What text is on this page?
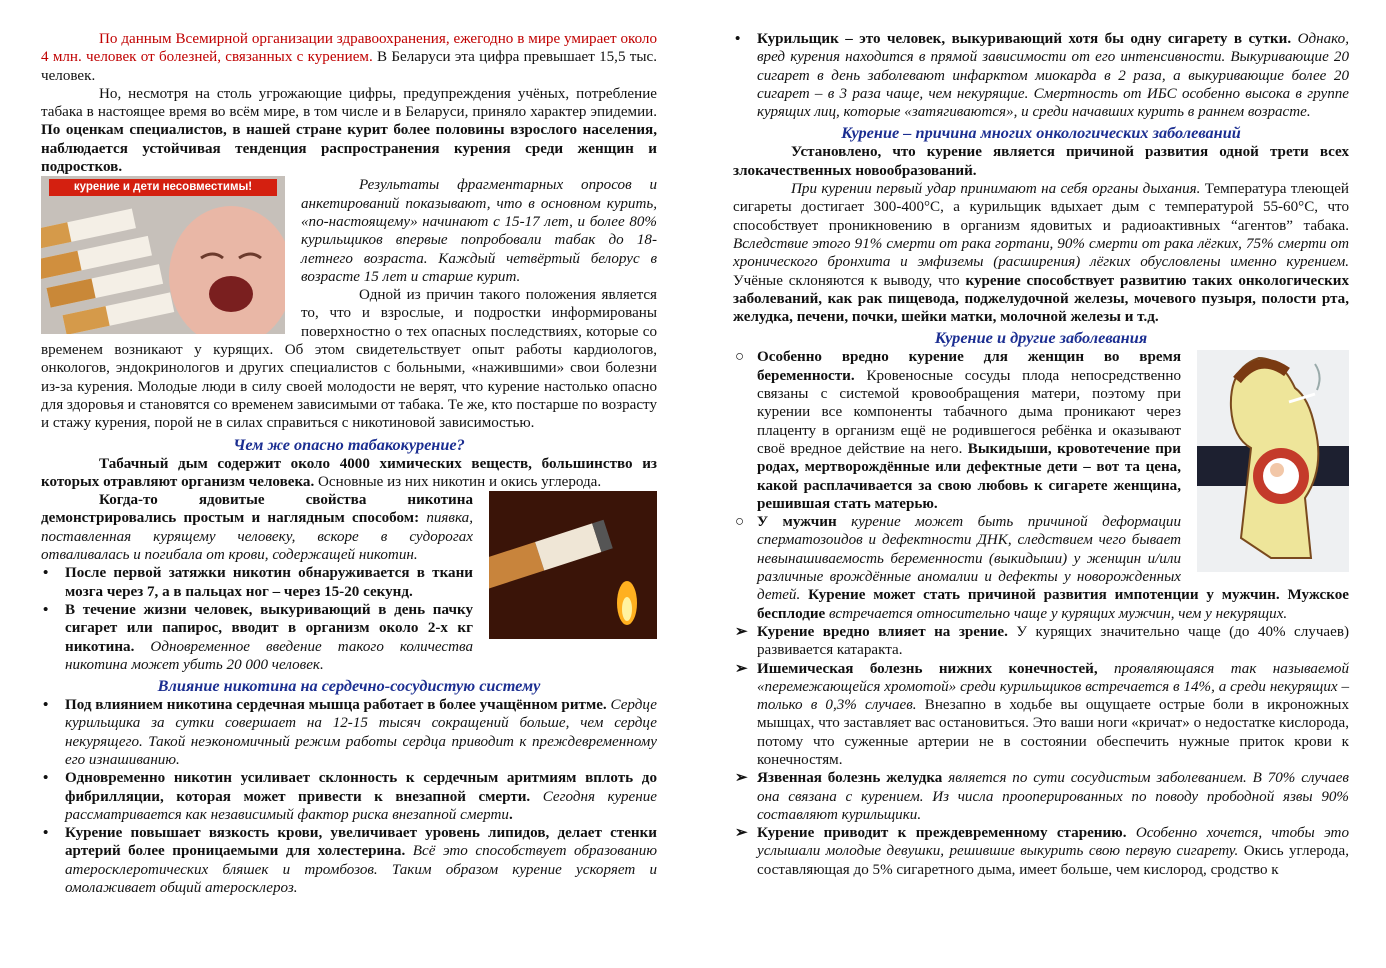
По данным Всемирной организации здравоохранения, ежегодно в мире умирает около 4 млн. человек от болезней, связанных с курением. В Беларуси эта цифра превышает 15,5 тыс. человек.

Но, несмотря на столь угрожающие цифры, предупреждения учёных, потребление табака в настоящее время во всём мире, в том числе и в Беларуси, приняло характер эпидемии. По оценкам специалистов, в нашей стране курит более половины взрослого населения, наблюдается устойчивая тенденция распространения курения среди женщин и подростков.

курение и дети несовместимы!	Результаты фрагментарных опросов и анкетирований показывают, что в основном курить, «по-настоящему» начинают с 15-17 лет, и более 80% курильщиков впервые попробовали табак до 18-летнего возраста. Каждый четвёртый белорус в возрасте 15 лет и старше курит.

Одной из причин такого положения является то, что и взрослые, и подростки информированы поверхностно о тех опасных последствиях, которые со временем возникают у курящих. Об этом свидетельствует опыт работы кардиологов, онкологов, эндокринологов и других специалистов с больными, «нажившими» свои болезни из-за курения. Молодые люди в силу своей молодости не верят, что курение настолько опасно для здоровья и становятся со временем зависимыми от табака. Те же, кто постарше по возрасту и стажу курения, порой не в силах справиться с никотиновой зависимостью.

Чем же опасно табакокурение?

Табачный дым содержит около 4000 химических веществ, большинство из которых отравляют организм человека. Основные из них никотин и окись углерода.

Когда-то ядовитые свойства никотина демонстрировались простым и наглядным способом: пиявка, поставленная курящему человеку, вскоре в судорогах отваливалась и погибала от крови, содержащей никотин.

• После первой затяжки никотин обнаруживается в ткани мозга через 7, а в пальцах ног – через 15-20 секунд.

• В течение жизни человек, выкуривающий в день пачку сигарет или папирос, вводит в организм около 2-х кг никотина. Одновременное введение такого количества никотина может убить 20 000 человек.

Влияние никотина на сердечно-сосудистую систему

• Под влиянием никотина сердечная мышца работает в более учащённом ритме. Сердце курильщика за сутки совершает на 12-15 тысяч сокращений больше, чем сердце некурящего. Такой неэкономичный режим работы сердца приводит к преждевременному его изнашиванию.

• Одновременно никотин усиливает склонность к сердечным аритмиям вплоть до фибрилляции, которая может привести к внезапной смерти. Сегодня курение рассматривается как независимый фактор риска внезапной смерти.

• Курение повышает вязкость крови, увеличивает уровень липидов, делает стенки артерий более проницаемыми для холестерина. Всё это способствует образованию атеросклеротических бляшек и тромбозов. Таким образом курение ускоряет и омолаживает общий атеросклероз.

• Курильщик – это человек, выкуривающий хотя бы одну сигарету в сутки. Однако, вред курения находится в прямой зависимости от его интенсивности. Выкуривающие 20 сигарет в день заболевают инфарктом миокарда в 2 раза, а выкуривающие более 20 сигарет – в 3 раза чаще, чем некурящие. Смертность от ИБС особенно высока в группе курящих лиц, которые «затягиваются», и среди начавших курить в раннем возрасте.

Курение – причина многих онкологических заболеваний

Установлено, что курение является причиной развития одной трети всех злокачественных новообразований.

При курении первый удар принимают на себя органы дыхания. Температура тлеющей сигареты достигает 300-400°С, а курильщик вдыхает дым с температурой 55-60°С, что способствует проникновению в организм ядовитых и радиоактивных “агентов” табака. Вследствие этого 91% смерти от рака гортани, 90% смерти от рака лёгких, 75% смерти от хронического бронхита и эмфиземы (расширения) лёгких обусловлены именно курением. Учёные склоняются к выводу, что курение способствует развитию таких онкологических заболеваний, как рак пищевода, поджелудочной железы, мочевого пузыря, полости рта, желудка, печени, почки, шейки матки, молочной железы и т.д.

Курение и другие заболевания

○ Особенно вредно курение для женщин во время беременности. Кровеносные сосуды плода непосредственно связаны с системой кровообращения матери, поэтому при курении все компоненты табачного дыма проникают через плаценту в организм ещё не родившегося ребёнка и оказывают своё вредное действие на него. Выкидыши, кровотечение при родах, мертворождённые или дефектные дети – вот та цена, какой расплачивается за свою любовь к сигарете женщина, решившая стать матерью.

○ У мужчин курение может быть причиной деформации сперматозоидов и дефектности ДНК, следствием чего бывает невынашиваемость беременности (выкидыши) у женщин и/или различные врождённые аномалии и дефекты у новорожденных детей. Курение может стать причиной развития импотенции у мужчин. Мужское бесплодие встречается относительно чаще у курящих мужчин, чем у некурящих.

➢ Курение вредно влияет на зрение. У курящих значительно чаще (до 40% случаев) развивается катаракта.

➢ Ишемическая болезнь нижних конечностей, проявляющаяся так называемой «перемежающейся хромотой» среди курильщиков встречается в 14%, а среди некурящих – только в 0,3% случаев. Внезапно в ходьбе вы ощущаете острые боли в икроножных мышцах, что заставляет вас остановиться. Это ваши ноги «кричат» о недостатке кислорода, потому что суженные артерии не в состоянии обеспечить нужные приток крови к конечностям.

➢ Язвенная болезнь желудка является по сути сосудистым заболеванием. В 70% случаев она связана с курением. Из числа прооперированных по поводу прободной язвы 90% составляют курильщики.

➢ Курение приводит к преждевременному старению. Особенно хочется, чтобы это услышали молодые девушки, решившие выкурить свою первую сигарету. Окись углерода, составляющая до 5% сигаретного дыма, имеет больше, чем кислород, сродство к
